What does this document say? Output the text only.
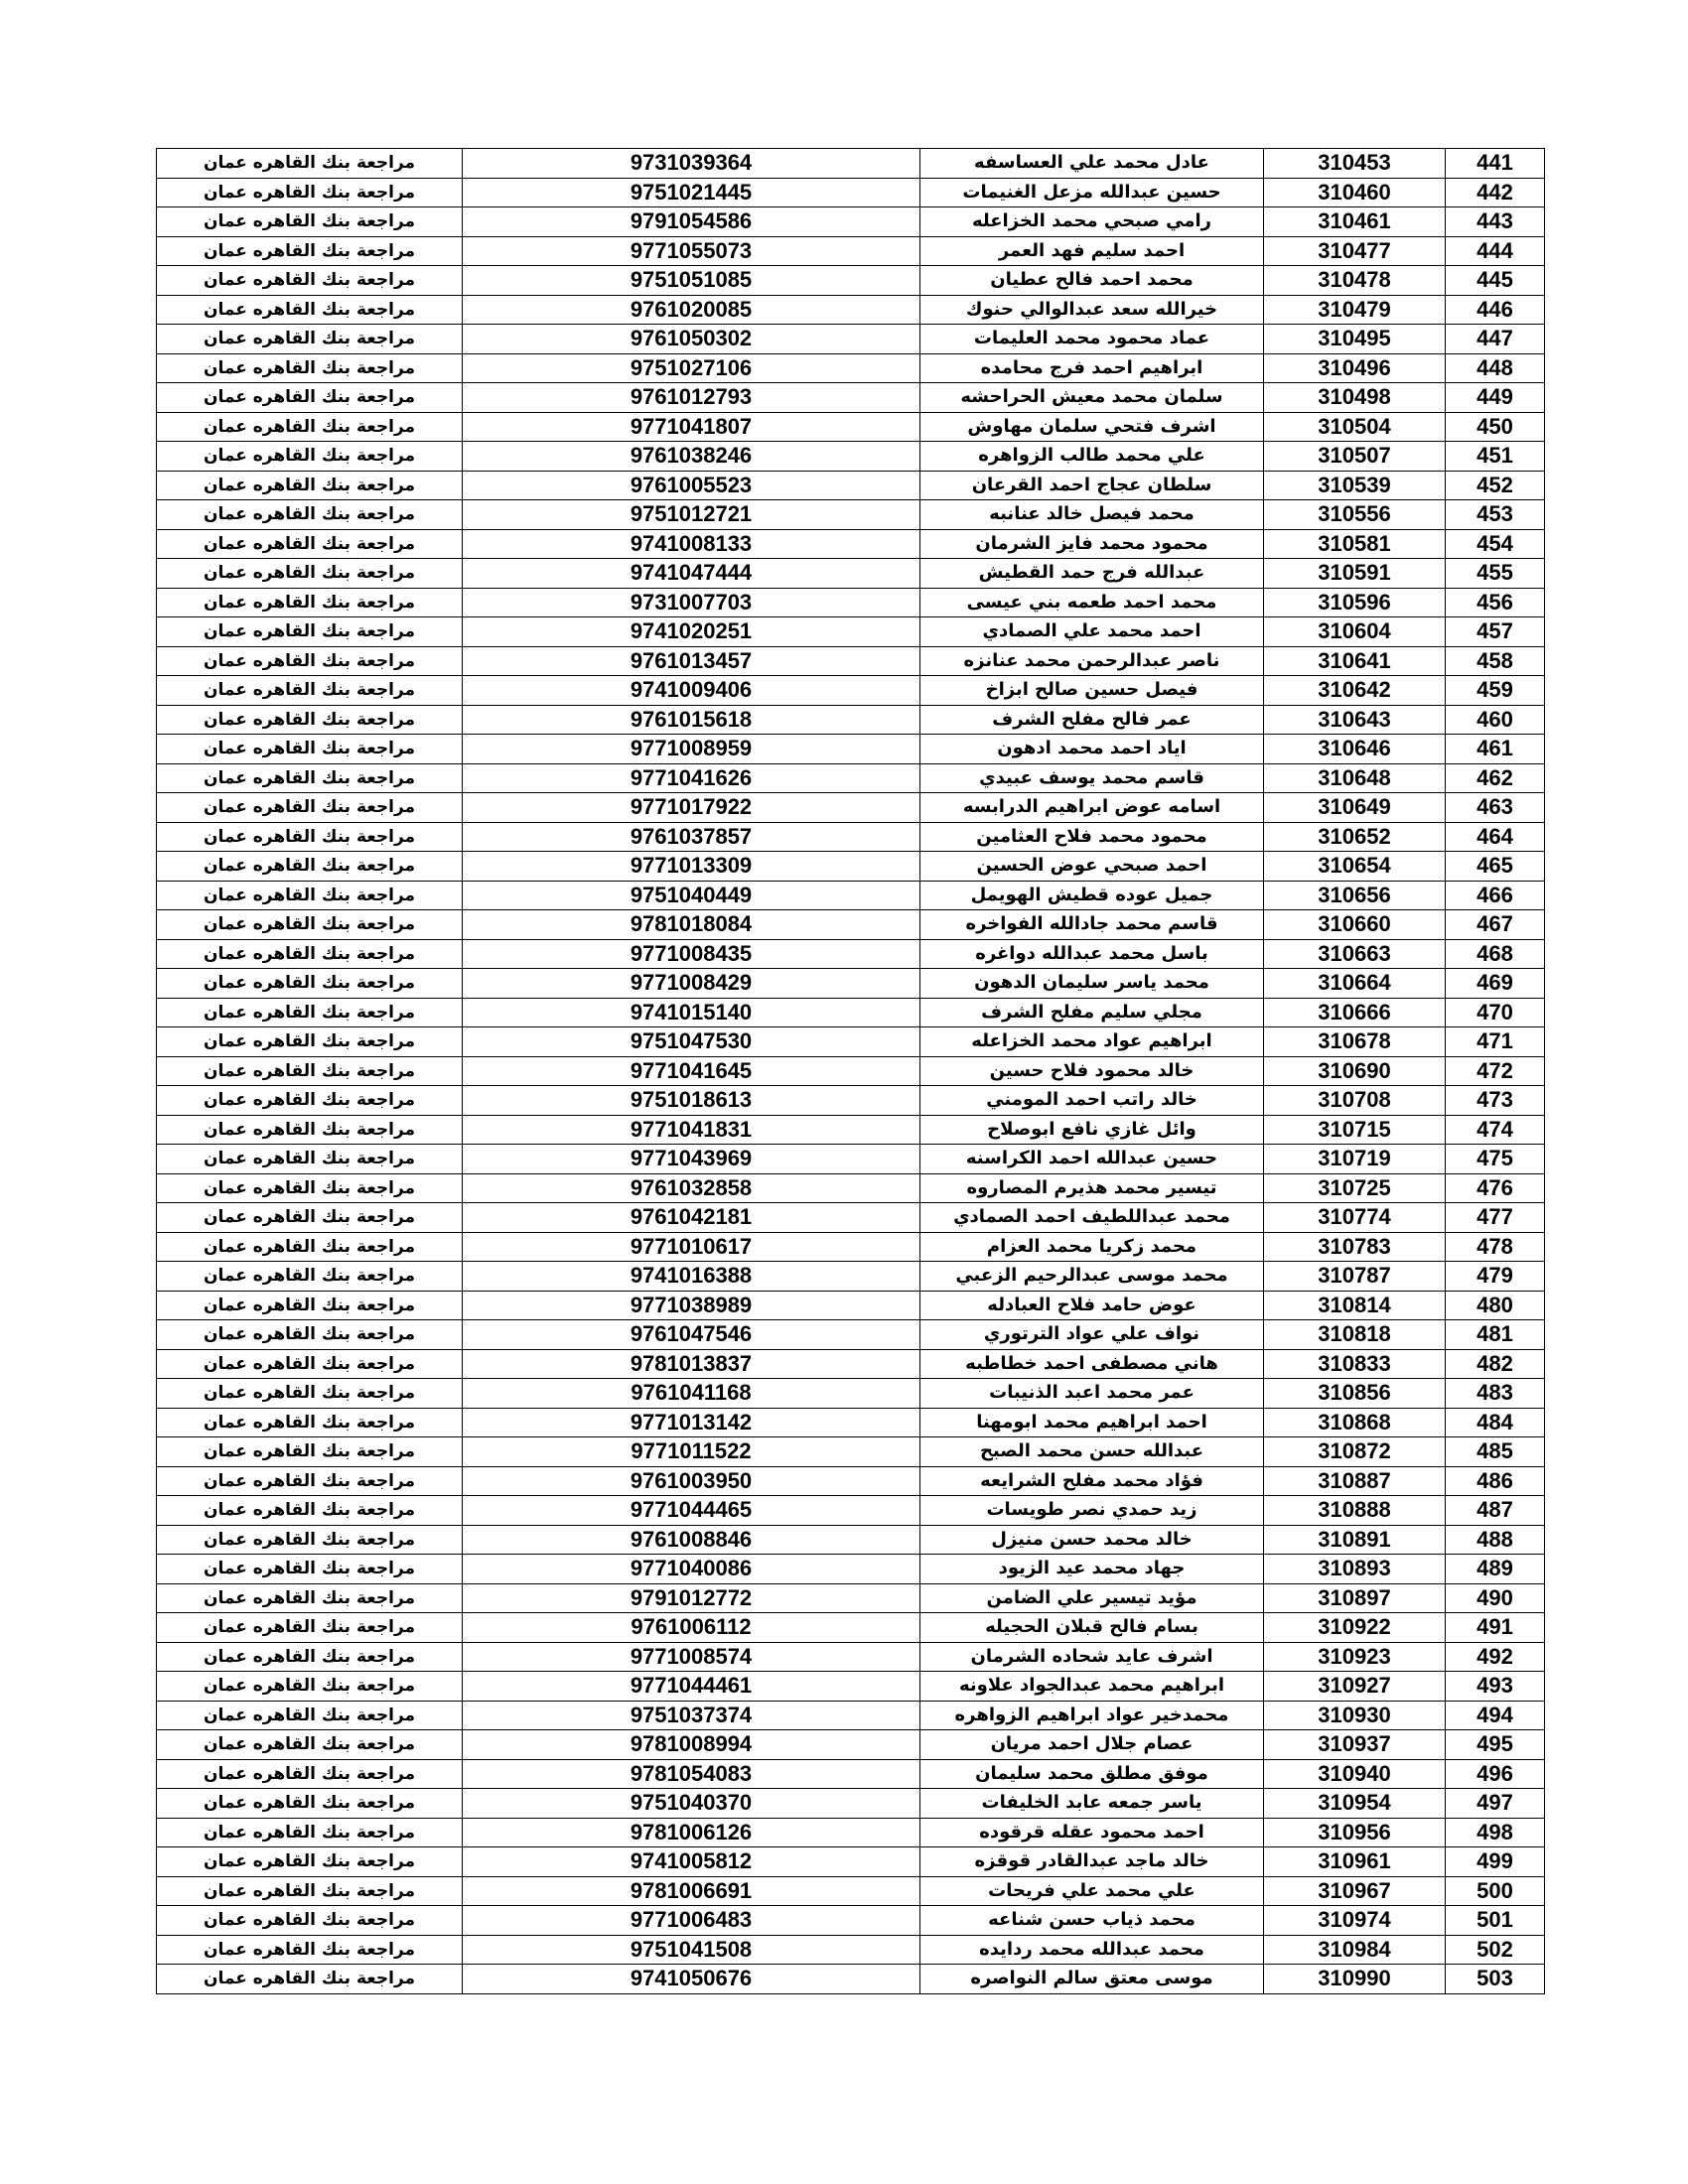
441	310453	عادل محمد علي العساسفه	9731039364	مراجعة بنك القاهره عمان
442	310460	حسين عبدالله مزعل الغنيمات	9751021445	مراجعة بنك القاهره عمان
443	310461	رامي صبحي محمد الخزاعله	9791054586	مراجعة بنك القاهره عمان
444	310477	احمد سليم فهد العمر	9771055073	مراجعة بنك القاهره عمان
445	310478	محمد احمد فالح عطيان	9751051085	مراجعة بنك القاهره عمان
446	310479	خيرالله سعد عبدالوالي حنوك	9761020085	مراجعة بنك القاهره عمان
447	310495	عماد محمود محمد العليمات	9761050302	مراجعة بنك القاهره عمان
448	310496	ابراهيم احمد فرج محامده	9751027106	مراجعة بنك القاهره عمان
449	310498	سلمان محمد معيش الحراحشه	9761012793	مراجعة بنك القاهره عمان
450	310504	اشرف فتحي سلمان مهاوش	9771041807	مراجعة بنك القاهره عمان
451	310507	علي محمد طالب الزواهره	9761038246	مراجعة بنك القاهره عمان
452	310539	سلطان عجاج احمد القرعان	9761005523	مراجعة بنك القاهره عمان
453	310556	محمد فيصل خالد عنانبه	9751012721	مراجعة بنك القاهره عمان
454	310581	محمود محمد فايز الشرمان	9741008133	مراجعة بنك القاهره عمان
455	310591	عبدالله فرج حمد القطيش	9741047444	مراجعة بنك القاهره عمان
456	310596	محمد احمد طعمه بني عيسى	9731007703	مراجعة بنك القاهره عمان
457	310604	احمد محمد علي الصمادي	9741020251	مراجعة بنك القاهره عمان
458	310641	ناصر عبدالرحمن محمد عنانزه	9761013457	مراجعة بنك القاهره عمان
459	310642	فيصل حسين صالح ابزاخ	9741009406	مراجعة بنك القاهره عمان
460	310643	عمر فالح مفلح الشرف	9761015618	مراجعة بنك القاهره عمان
461	310646	اياد احمد محمد ادهون	9771008959	مراجعة بنك القاهره عمان
462	310648	قاسم محمد يوسف عبيدي	9771041626	مراجعة بنك القاهره عمان
463	310649	اسامه عوض ابراهيم الدرابسه	9771017922	مراجعة بنك القاهره عمان
464	310652	محمود محمد فلاح العثامين	9761037857	مراجعة بنك القاهره عمان
465	310654	احمد صبحي عوض الحسين	9771013309	مراجعة بنك القاهره عمان
466	310656	جميل عوده قطيش الهويمل	9751040449	مراجعة بنك القاهره عمان
467	310660	قاسم محمد جادالله الفواخره	9781018084	مراجعة بنك القاهره عمان
468	310663	باسل محمد عبدالله دواغره	9771008435	مراجعة بنك القاهره عمان
469	310664	محمد ياسر سليمان الدهون	9771008429	مراجعة بنك القاهره عمان
470	310666	مجلي سليم مفلح الشرف	9741015140	مراجعة بنك القاهره عمان
471	310678	ابراهيم عواد محمد الخزاعله	9751047530	مراجعة بنك القاهره عمان
472	310690	خالد محمود فلاح حسين	9771041645	مراجعة بنك القاهره عمان
473	310708	خالد راتب احمد المومني	9751018613	مراجعة بنك القاهره عمان
474	310715	وائل غازي نافع ابوصلاح	9771041831	مراجعة بنك القاهره عمان
475	310719	حسين عبدالله احمد الكراسنه	9771043969	مراجعة بنك القاهره عمان
476	310725	تيسير محمد هذيرم المصاروه	9761032858	مراجعة بنك القاهره عمان
477	310774	محمد عبداللطيف احمد الصمادي	9761042181	مراجعة بنك القاهره عمان
478	310783	محمد زكريا محمد العزام	9771010617	مراجعة بنك القاهره عمان
479	310787	محمد موسى عبدالرحيم الزعبي	9741016388	مراجعة بنك القاهره عمان
480	310814	عوض حامد فلاح العبادله	9771038989	مراجعة بنك القاهره عمان
481	310818	نواف علي عواد الترتوري	9761047546	مراجعة بنك القاهره عمان
482	310833	هاني مصطفى احمد خطاطبه	9781013837	مراجعة بنك القاهره عمان
483	310856	عمر محمد اعبد الذنيبات	9761041168	مراجعة بنك القاهره عمان
484	310868	احمد ابراهيم محمد ابومهنا	9771013142	مراجعة بنك القاهره عمان
485	310872	عبدالله حسن محمد الصبح	9771011522	مراجعة بنك القاهره عمان
486	310887	فؤاد محمد مفلح الشرايعه	9761003950	مراجعة بنك القاهره عمان
487	310888	زيد حمدي نصر طويسات	9771044465	مراجعة بنك القاهره عمان
488	310891	خالد محمد حسن منيزل	9761008846	مراجعة بنك القاهره عمان
489	310893	جهاد محمد عيد الزيود	9771040086	مراجعة بنك القاهره عمان
490	310897	مؤيد تيسير علي الضامن	9791012772	مراجعة بنك القاهره عمان
491	310922	بسام فالح قبلان الحجيله	9761006112	مراجعة بنك القاهره عمان
492	310923	اشرف عايد شحاده الشرمان	9771008574	مراجعة بنك القاهره عمان
493	310927	ابراهيم محمد عبدالجواد علاونه	9771044461	مراجعة بنك القاهره عمان
494	310930	محمدخير عواد ابراهيم الزواهره	9751037374	مراجعة بنك القاهره عمان
495	310937	عصام جلال احمد مريان	9781008994	مراجعة بنك القاهره عمان
496	310940	موفق مطلق محمد سليمان	9781054083	مراجعة بنك القاهره عمان
497	310954	ياسر جمعه عابد الخليفات	9751040370	مراجعة بنك القاهره عمان
498	310956	احمد محمود عقله قرقوده	9781006126	مراجعة بنك القاهره عمان
499	310961	خالد ماجد عبدالقادر قوقزه	9741005812	مراجعة بنك القاهره عمان
500	310967	علي محمد علي فريحات	9781006691	مراجعة بنك القاهره عمان
501	310974	محمد ذياب حسن شناعه	9771006483	مراجعة بنك القاهره عمان
502	310984	محمد عبدالله محمد ردايده	9751041508	مراجعة بنك القاهره عمان
503	310990	موسى معتق سالم النواصره	9741050676	مراجعة بنك القاهره عمان
